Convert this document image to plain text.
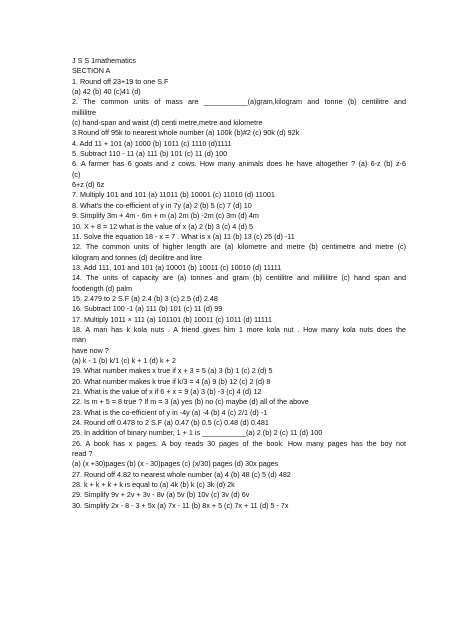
J S S 1mathematics
SECTION A
1. Round off 23+19 to one S.F
(a) 42 (b) 40 (c)41 (d)
2. The common units of mass are ___________(a)gram,kilogram and tonne (b) centilitre and
millilitre
(c) hand-span and waist (d) centi metre,metre and kilometre
3.Round off 95k to nearest whole number (a) 100k (b)#2 (c) 90k (d) 92k
4. Add 11 + 101 (a) 1000 (b) 1011 (c) 1110 (d)1111
5. Subtract 110 - 11 (a) 111 (b) 101 (c) 11 (d) 100
6. A farmer has 6 goats and z cows. How many animals does he have altogether ? (a) 6-z (b) z-6
(c)
6+z (d) 6z
7. Multiply 101 and 101 (a) 11011 (b) 10001 (c) 11010 (d) 11001
8. What's the co-efficient of y in 7y (a) 2 (b) 5 (c) 7 (d) 10
9. Simplify 3m + 4m - 6m + m (a) 2m (b) -2m (c) 3m (d) 4m
10. X + 8 = 12 what is the value of x (a) 2 (b) 3 (c) 4 (d) 5
11. Solve the equation 18 - x = 7 . What is x (a) 11 (b) 13 (c) 25 (d) -11
12. The common units of higher length are (a) kilometre and metre (b) centimetre and metre (c)
kilogram and tonnes (d) decilitre and litre
13. Add 111, 101 and 101 (a) 10001 (b) 10011 (c) 10010 (d) 11111
14. The units of capacity are (a) tonnes and gram (b) centilitre and millilitre (c) hand span and
footlength (d) palm
15. 2.479 to 2 S.F (a) 2.4 (b) 3 (c) 2.5 (d) 2.48
16. Subtract 100 -1 (a) 111 (b) 101 (c) 11 (d) 99
17. Multiply 1011 × 111 (a) 101101 (b) 10011 (c) 1011 (d) 11111
18. A man has k kola nuts . A friend gives him 1 more kola nut . How many kola nuts does the
man
have now ?
(a) k - 1 (b) k/1 (c) k + 1 (d) k + 2
19. What number makes x true if x + 3 = 5 (a) 3 (b) 1 (c) 2 (d) 5
20. What number makes k true if k/3 = 4 (a) 9 (b) 12 (c) 2 (d) 8
21. What is the value of x if 6 + x = 9 (a) 3 (b) -3 (c) 4 (d) 12
22. Is m + 5 = 8 true ? If m = 3 (a) yes (b) no (c) maybe (d) all of the above
23. What is the co-efficient of y in -4y (a) -4 (b) 4 (c) 2/1 (d) -1
24. Round off 0.478 to 2 S.F (a) 0.47 (b) 0.5 (c) 0.48 (d) 0.481
25. In addition of binary number, 1 + 1 is ___________(a) 2 (b) 2 (c) 11 (d) 100
26. A book has x pages. A boy reads 30 pages of the book. How many pages has the boy not
read ?
(a) (x +30)pages (b) (x - 30)pages (c) (x/30) pages (d) 30x pages
27. Round off 4.82 to nearest whole number (a) 4 (b) 48 (c) 5 (d) 482
28. k + k + k + k is equal to (a) 4k (b) k (c) 3k (d) 2k
29. Simplify 9v + 2v + 3v - 8v (a) 5v (b) 10v (c) 3v (d) 6v
30. Simplify 2x - 8 - 3 + 5x (a) 7x - 11 (b) 8x + 5 (c) 7x + 11 (d) 5 - 7x
